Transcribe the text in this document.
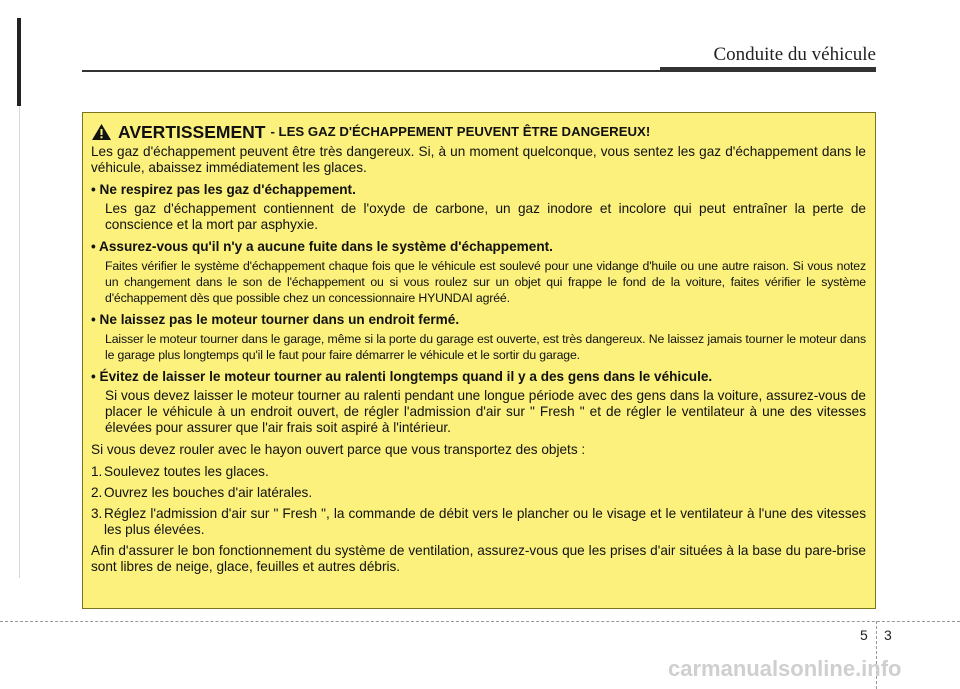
Conduite du véhicule
AVERTISSEMENT - LES GAZ D'ÉCHAPPEMENT PEUVENT ÊTRE DANGEREUX!

Les gaz d'échappement peuvent être très dangereux. Si, à un moment quelconque, vous sentez les gaz d'échappement dans le véhicule, abaissez immédiatement les glaces.

• Ne respirez pas les gaz d'échappement.

Les gaz d'échappement contiennent de l'oxyde de carbone, un gaz inodore et incolore qui peut entraîner la perte de conscience et la mort par asphyxie.

• Assurez-vous qu'il n'y a aucune fuite dans le système d'échappement.

Faites vérifier le système d'échappement chaque fois que le véhicule est soulevé pour une vidange d'huile ou une autre raison. Si vous notez un changement dans le son de l'échappement ou si vous roulez sur un objet qui frappe le fond de la voiture, faites vérifier le système d'échappement dès que possible chez un concessionnaire HYUNDAI agréé.

• Ne laissez pas le moteur tourner dans un endroit fermé.

Laisser le moteur tourner dans le garage, même si la porte du garage est ouverte, est très dangereux. Ne laissez jamais tourner le moteur dans le garage plus longtemps qu'il le faut pour faire démarrer le véhicule et le sortir du garage.

• Évitez de laisser le moteur tourner au ralenti longtemps quand il y a des gens dans le véhicule.

Si vous devez laisser le moteur tourner au ralenti pendant une longue période avec des gens dans la voiture, assurez-vous de placer le véhicule à un endroit ouvert, de régler l'admission d'air sur " Fresh " et de régler le ventilateur à une des vitesses élevées pour assurer que l'air frais soit aspiré à l'intérieur.

Si vous devez rouler avec le hayon ouvert parce que vous transportez des objets :

1. Soulevez toutes les glaces.
2. Ouvrez les bouches d'air latérales.
3. Réglez l'admission d'air sur " Fresh ", la commande de débit vers le plancher ou le visage et le ventilateur à l'une des vitesses les plus élevées.

Afin d'assurer le bon fonctionnement du système de ventilation, assurez-vous que les prises d'air situées à la base du pare-brise sont libres de neige, glace, feuilles et autres débris.

5 3
carmanualsonline.info
